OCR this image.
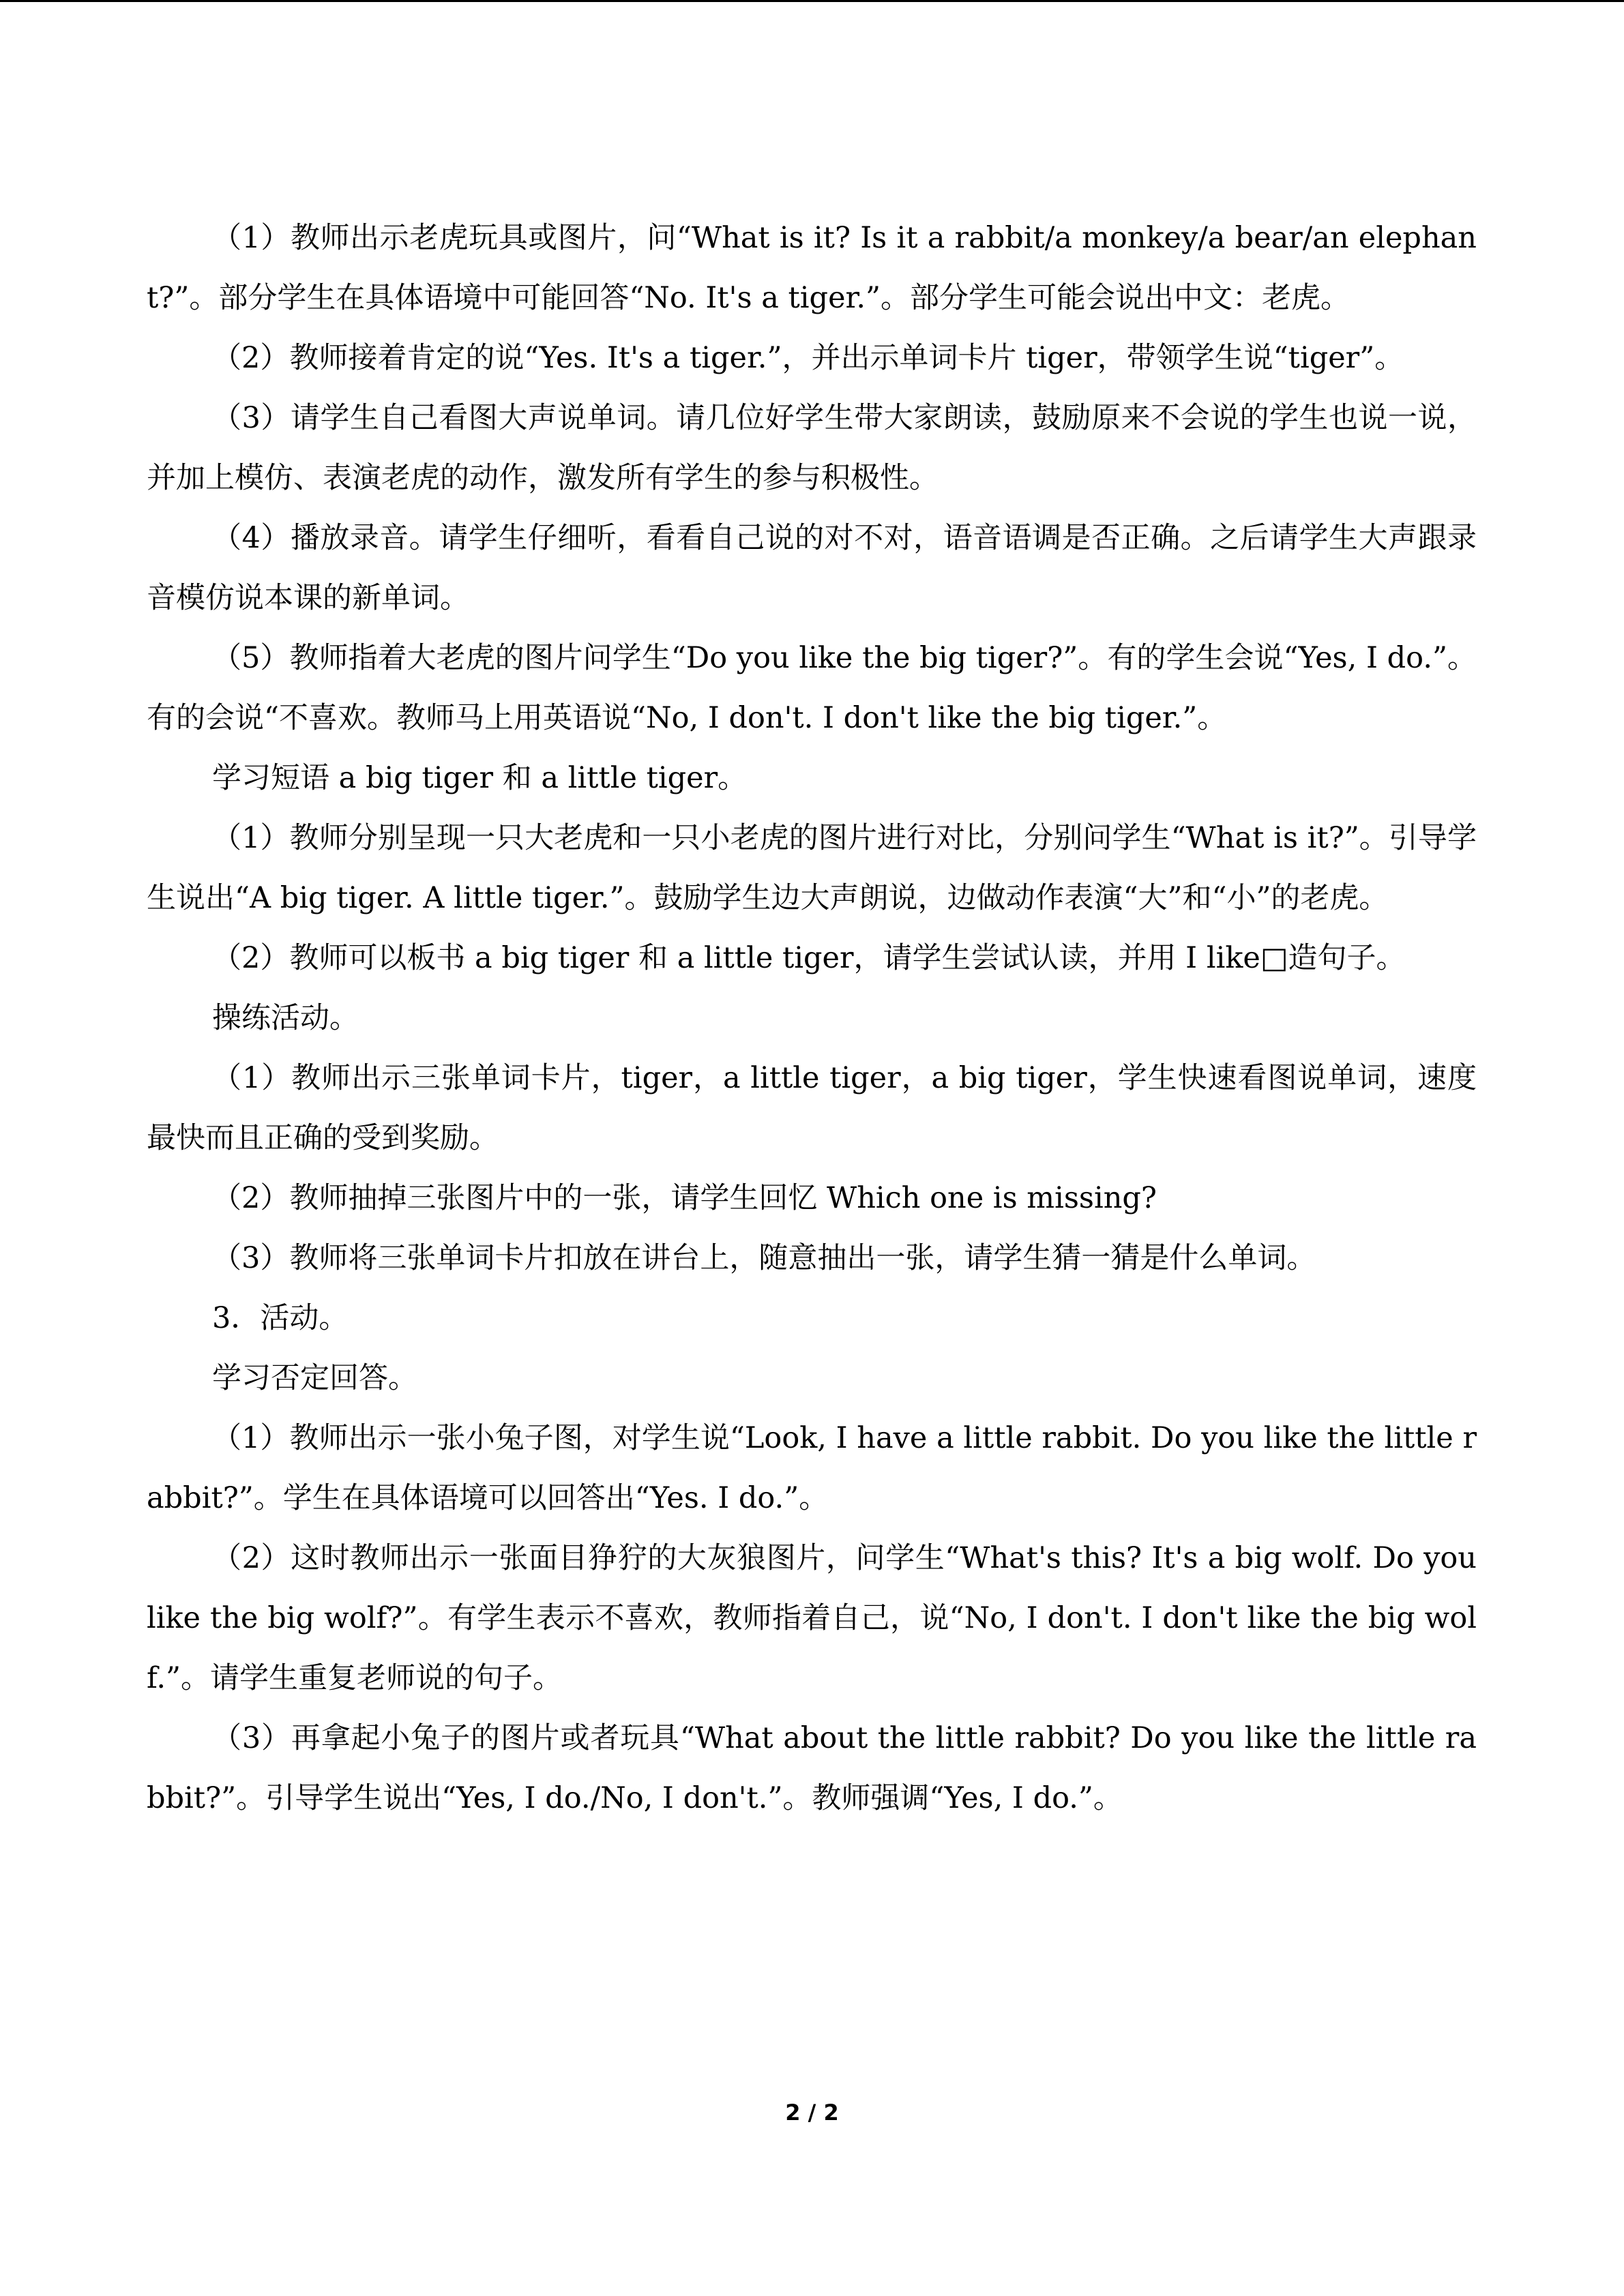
（1）教师出示老虎玩具或图片，问“What is it? Is it a rabbit/a monkey/a bear/an elephant?”。部分学生在具体语境中可能回答“No. It's a tiger.”。部分学生可能会说出中文：老虎。

（2）教师接着肯定的说“Yes. It's a tiger.”，并出示单词卡片 tiger，带领学生说“tiger”。

（3）请学生自己看图大声说单词。请几位好学生带大家朗读，鼓励原来不会说的学生也说一说，并加上模仿、表演老虎的动作，激发所有学生的参与积极性。

（4）播放录音。请学生仔细听，看看自己说的对不对，语音语调是否正确。之后请学生大声跟录音模仿说本课的新单词。

（5）教师指着大老虎的图片问学生“Do you like the big tiger?”。有的学生会说“Yes, I do.”。有的会说“不喜欢。教师马上用英语说“No, I don't. I don't like the big tiger.”。

学习短语 a big tiger 和 a little tiger。

（1）教师分别呈现一只大老虎和一只小老虎的图片进行对比，分别问学生“What is it?”。引导学生说出“A big tiger. A little tiger.”。鼓励学生边大声朗说，边做动作表演“大”和“小”的老虎。

（2）教师可以板书 a big tiger 和 a little tiger，请学生尝试认读，并用 I like□造句子。

操练活动。

（1）教师出示三张单词卡片，tiger，a little tiger，a big tiger，学生快速看图说单词，速度最快而且正确的受到奖励。

（2）教师抽掉三张图片中的一张，请学生回忆 Which one is missing?

（3）教师将三张单词卡片扣放在讲台上，随意抽出一张，请学生猜一猜是什么单词。

3．活动。

学习否定回答。

（1）教师出示一张小兔子图，对学生说“Look, I have a little rabbit. Do you like the little rabbit?”。学生在具体语境可以回答出“Yes. I do.”。

（2）这时教师出示一张面目狰狞的大灰狼图片，问学生“What's this? It's a big wolf. Do you like the big wolf?”。有学生表示不喜欢，教师指着自己，说“No, I don't. I don't like the big wolf.”。请学生重复老师说的句子。

（3）再拿起小兔子的图片或者玩具“What about the little rabbit? Do you like the little rabbit?”。引导学生说出“Yes, I do./No, I don't.”。教师强调“Yes, I do.”。

2 / 2
